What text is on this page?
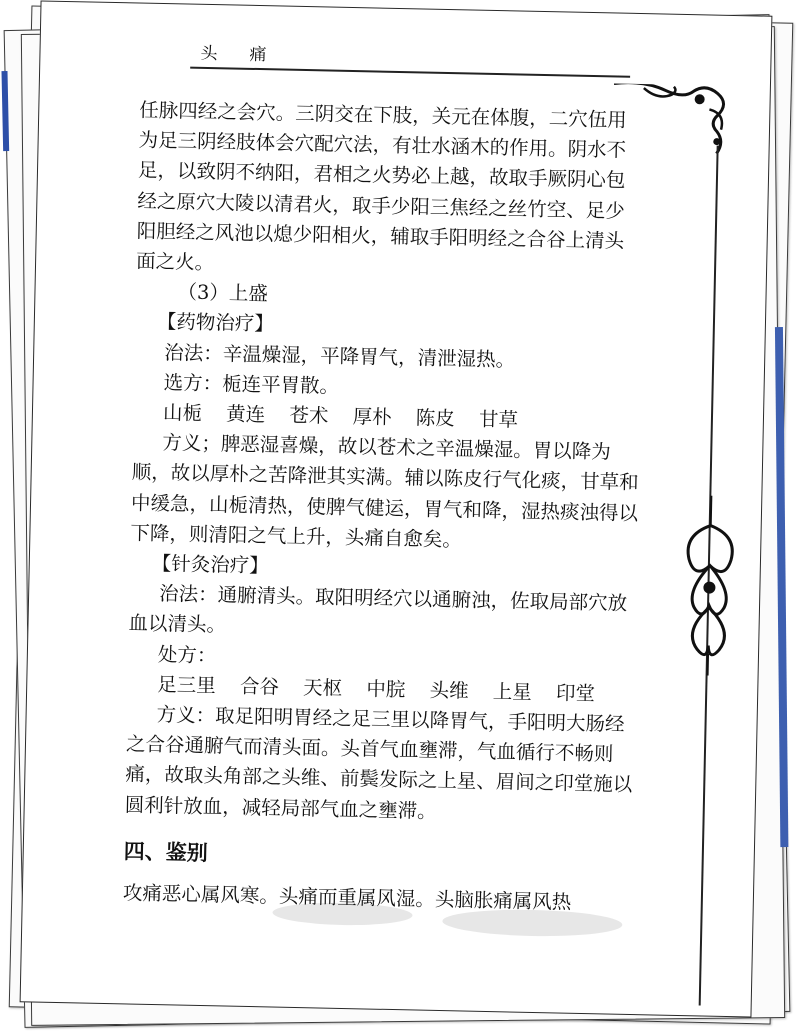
头痛

任脉四经之会穴。三阴交在下肢，关元在体腹，二穴伍用

为足三阴经肢体会穴配穴法，有壮水涵木的作用。阴水不

足，以致阴不纳阳，君相之火势必上越，故取手厥阴心包

经之原穴大陵以清君火，取手少阳三焦经之丝竹空、足少

阳胆经之风池以熄少阳相火，辅取手阳明经之合谷上清头

面之火。

（3）上盛

【药物治疗】

治法：辛温燥湿，平降胃气，清泄湿热。

选方：栀连平胃散。

山栀 黄连 苍术 厚朴 陈皮 甘草

方义；脾恶湿喜燥，故以苍术之辛温燥湿。胃以降为

顺，故以厚朴之苦降泄其实满。辅以陈皮行气化痰，甘草和

中缓急，山栀清热，使脾气健运，胃气和降，湿热痰浊得以

下降，则清阳之气上升，头痛自愈矣。

【针灸治疗】

治法：通腑清头。取阳明经穴以通腑浊，佐取局部穴放

血以清头。

处方：

足三里 合谷 天枢 中脘 头维 上星 印堂

方义：取足阳明胃经之足三里以降胃气，手阳明大肠经

之合谷通腑气而清头面。头首气血壅滞，气血循行不畅则

痛，故取头角部之头维、前鬓发际之上星、眉间之印堂施以

圆利针放血，减轻局部气血之壅滞。

四、鉴别

攻痛恶心属风寒。头痛而重属风湿。头脑胀痛属风热
